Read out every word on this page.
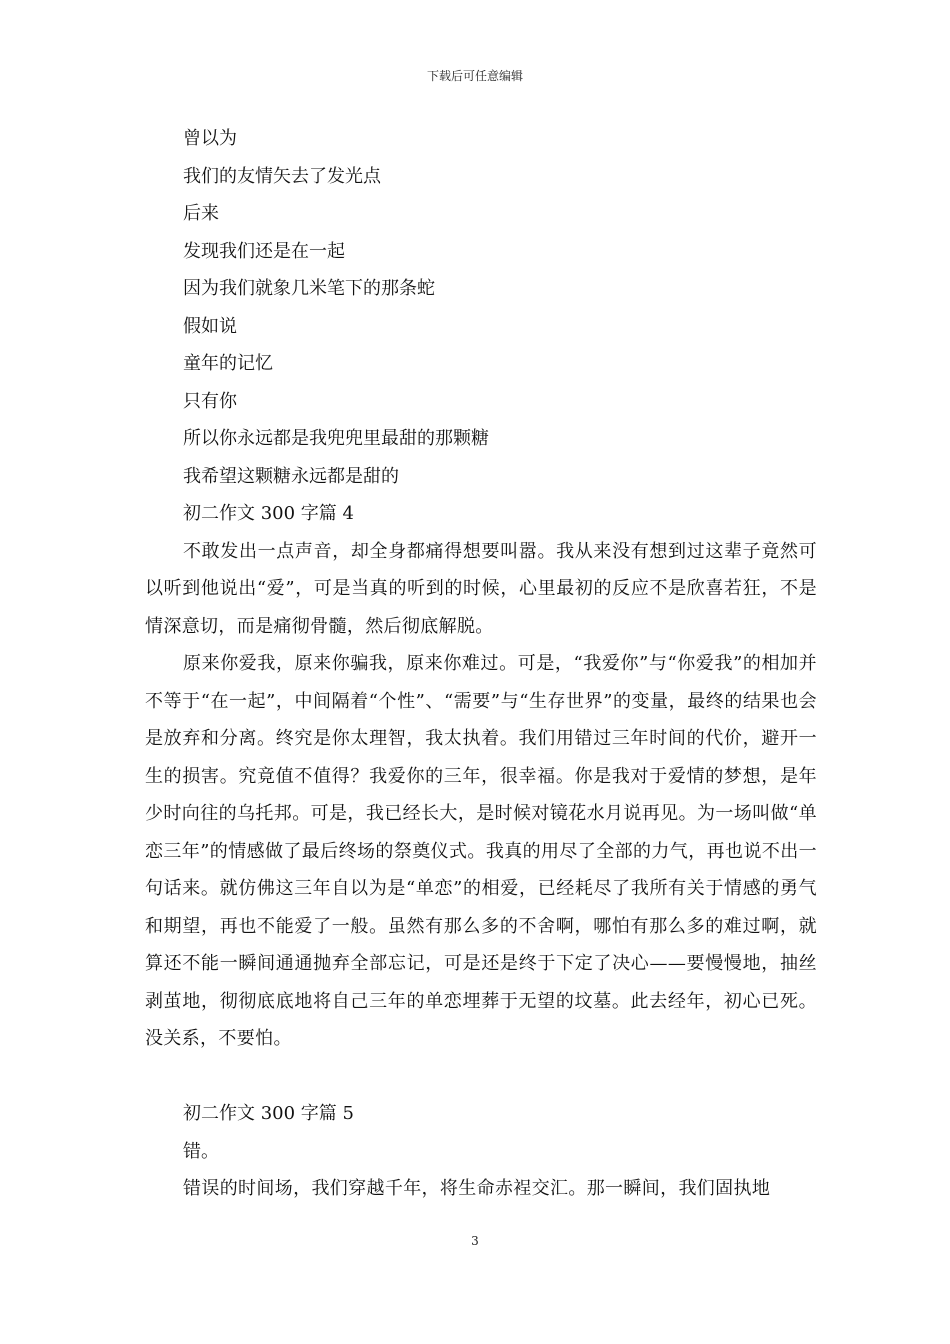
下载后可任意编辑
曾以为
我们的友情矢去了发光点
后来
发现我们还是在一起
因为我们就象几米笔下的那条蛇
假如说
童年的记忆
只有你
所以你永远都是我兜兜里最甜的那颗糖
我希望这颗糖永远都是甜的
初二作文 300 字篇 4

不敢发出一点声音，却全身都痛得想要叫嚣。我从来没有想到过这辈子竟然可以听到他说出“爱”，可是当真的听到的时候，心里最初的反应不是欣喜若狂，不是情深意切，而是痛彻骨髓，然后彻底解脱。

原来你爱我，原来你骗我，原来你难过。可是，“我爱你”与“你爱我”的相加并不等于“在一起”，中间隔着“个性”、“需要”与“生存世界”的变量，最终的结果也会是放弃和分离。终究是你太理智，我太执着。我们用错过三年时间的代价，避开一生的损害。究竟值不值得？我爱你的三年，很幸福。你是我对于爱情的梦想，是年少时向往的乌托邦。可是，我已经长大，是时候对镜花水月说再见。为一场叫做“单恋三年”的情感做了最后终场的祭奠仪式。我真的用尽了全部的力气，再也说不出一句话来。就仿佛这三年自以为是“单恋”的相爱，已经耗尽了我所有关于情感的勇气和期望，再也不能爱了一般。虽然有那么多的不舍啊，哪怕有那么多的难过啊，就算还不能一瞬间通通抛弃全部忘记，可是还是终于下定了决心——要慢慢地，抽丝剥茧地，彻彻底底地将自己三年的单恋埋葬于无望的坟墓。此去经年，初心已死。没关系，不要怕。

初二作文 300 字篇 5
错。

错误的时间场，我们穿越千年，将生命赤裎交汇。那一瞬间，我们固执地

3
